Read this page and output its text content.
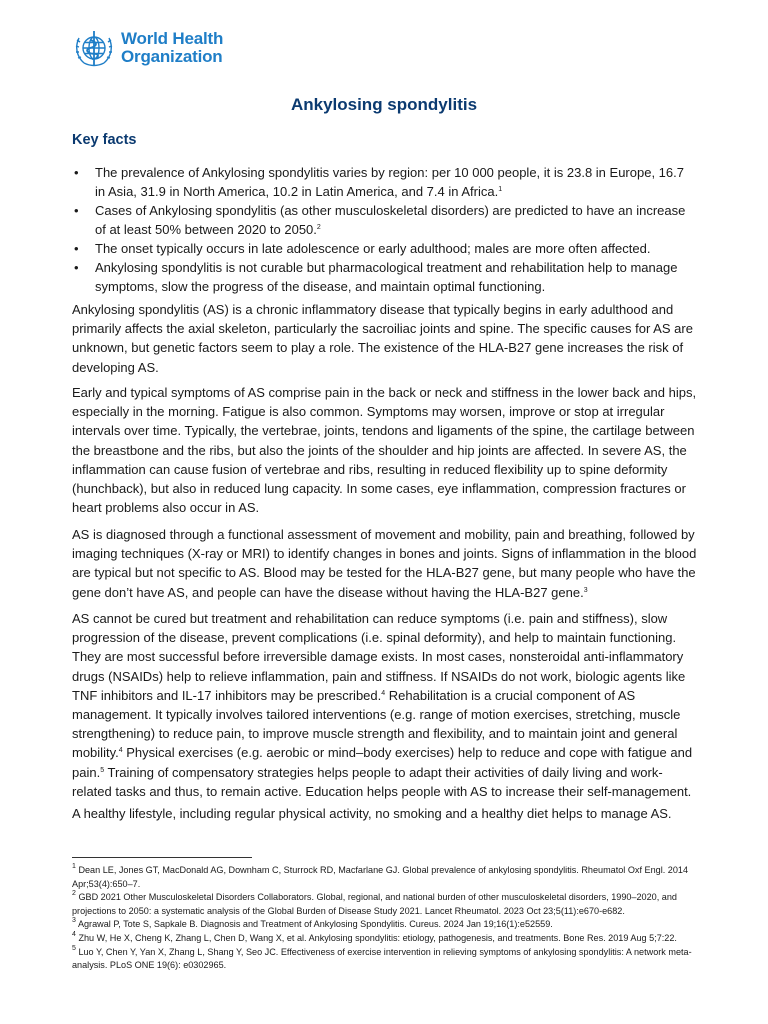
World Health
Organization
Ankylosing spondylitis
Key facts
• The prevalence of Ankylosing spondylitis varies by region: per 10 000 people, it is 23.8 in Europe, 16.7 in Asia, 31.9 in North America, 10.2 in Latin America, and 7.4 in Africa.$^1$
• Cases of Ankylosing spondylitis (as other musculoskeletal disorders) are predicted to have an increase of at least 50% between 2020 to 2050.$^2$
• The onset typically occurs in late adolescence or early adulthood; males are more often affected.
• Ankylosing spondylitis is not curable but pharmacological treatment and rehabilitation help to manage symptoms, slow the progress of the disease, and maintain optimal functioning.

Ankylosing spondylitis (AS) is a chronic inflammatory disease that typically begins in early adulthood and primarily affects the axial skeleton, particularly the sacroiliac joints and spine. The specific causes for AS are unknown, but genetic factors seem to play a role. The existence of the HLA-B27 gene increases the risk of developing AS.

Early and typical symptoms of AS comprise pain in the back or neck and stiffness in the lower back and hips, especially in the morning. Fatigue is also common. Symptoms may worsen, improve or stop at irregular intervals over time. Typically, the vertebrae, joints, tendons and ligaments of the spine, the cartilage between the breastbone and the ribs, but also the joints of the shoulder and hip joints are affected. In severe AS, the inflammation can cause fusion of vertebrae and ribs, resulting in reduced flexibility up to spine deformity (hunchback), but also in reduced lung capacity. In some cases, eye inflammation, compression fractures or heart problems also occur in AS.

AS is diagnosed through a functional assessment of movement and mobility, pain and breathing, followed by imaging techniques (X-ray or MRI) to identify changes in bones and joints. Signs of inflammation in the blood are typical but not specific to AS. Blood may be tested for the HLA-B27 gene, but many people who have the gene don’t have AS, and people can have the disease without having the HLA-B27 gene.$^3$

AS cannot be cured but treatment and rehabilitation can reduce symptoms (i.e. pain and stiffness), slow progression of the disease, prevent complications (i.e. spinal deformity), and help to maintain functioning. They are most successful before irreversible damage exists. In most cases, nonsteroidal anti-inflammatory drugs (NSAIDs) help to relieve inflammation, pain and stiffness. If NSAIDs do not work, biologic agents like TNF inhibitors and IL-17 inhibitors may be prescribed.$^4$ Rehabilitation is a crucial component of AS management. It typically involves tailored interventions (e.g. range of motion exercises, stretching, muscle strengthening) to reduce pain, to improve muscle strength and flexibility, and to maintain joint and general mobility.$^4$ Physical exercises (e.g. aerobic or mind–body exercises) help to reduce and cope with fatigue and pain.$^5$ Training of compensatory strategies helps people to adapt their activities of daily living and work-related tasks and thus, to remain active. Education helps people with AS to increase their self-management.

A healthy lifestyle, including regular physical activity, no smoking and a healthy diet helps to manage AS.

$^1$ Dean LE, Jones GT, MacDonald AG, Downham C, Sturrock RD, Macfarlane GJ. Global prevalence of ankylosing spondylitis. Rheumatol Oxf Engl. 2014 Apr;53(4):650–7.

$^2$ GBD 2021 Other Musculoskeletal Disorders Collaborators. Global, regional, and national burden of other musculoskeletal disorders, 1990–2020, and projections to 2050: a systematic analysis of the Global Burden of Disease Study 2021. Lancet Rheumatol. 2023 Oct 23;5(11):e670-e682.

$^3$ Agrawal P, Tote S, Sapkale B. Diagnosis and Treatment of Ankylosing Spondylitis. Cureus. 2024 Jan 19;16(1):e52559.

$^4$ Zhu W, He X, Cheng K, Zhang L, Chen D, Wang X, et al. Ankylosing spondylitis: etiology, pathogenesis, and treatments. Bone Res. 2019 Aug 5;7:22.

$^5$ Luo Y, Chen Y, Yan X, Zhang L, Shang Y, Seo JC. Effectiveness of exercise intervention in relieving symptoms of ankylosing spondylitis: A network meta-analysis. PLoS ONE 19(6): e0302965.
